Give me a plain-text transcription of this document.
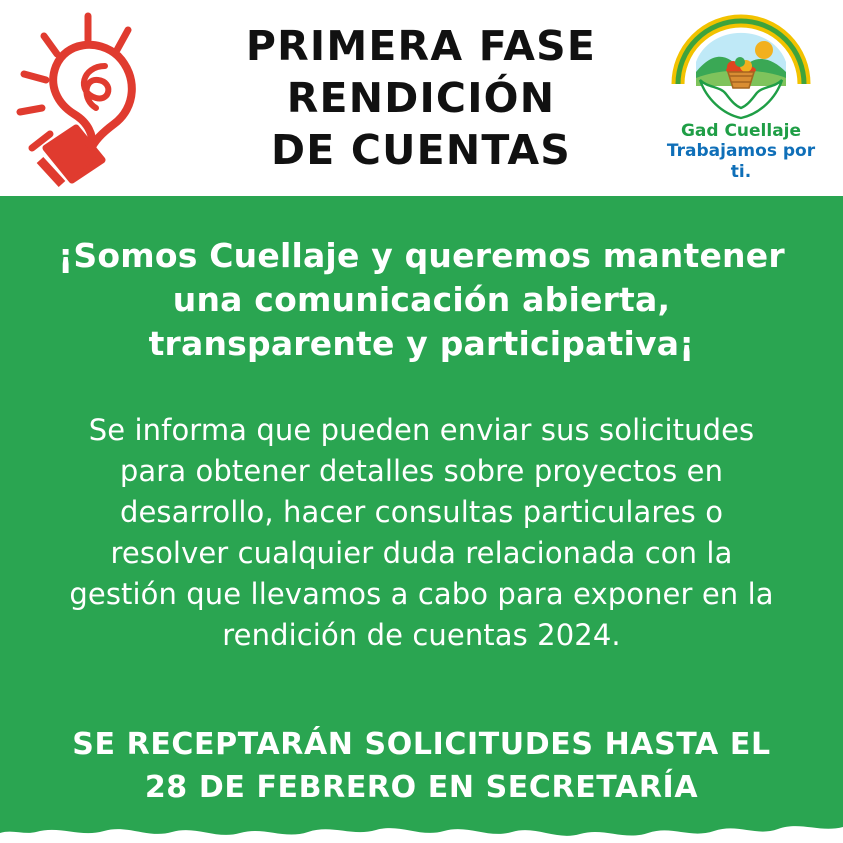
PRIMERA FASE
RENDICIÓN
DE CUENTAS	Gad Cuellaje
Trabajamos por ti.
¡Somos Cuellaje y queremos mantener una comunicación abierta, transparente y participativa¡
Se informa que pueden enviar sus solicitudes para obtener detalles sobre proyectos en desarrollo, hacer consultas particulares o resolver cualquier duda relacionada con la gestión que llevamos a cabo para exponer en la rendición de cuentas 2024.
SE RECEPTARÁN SOLICITUDES HASTA EL 28 DE FEBRERO EN SECRETARÍA
